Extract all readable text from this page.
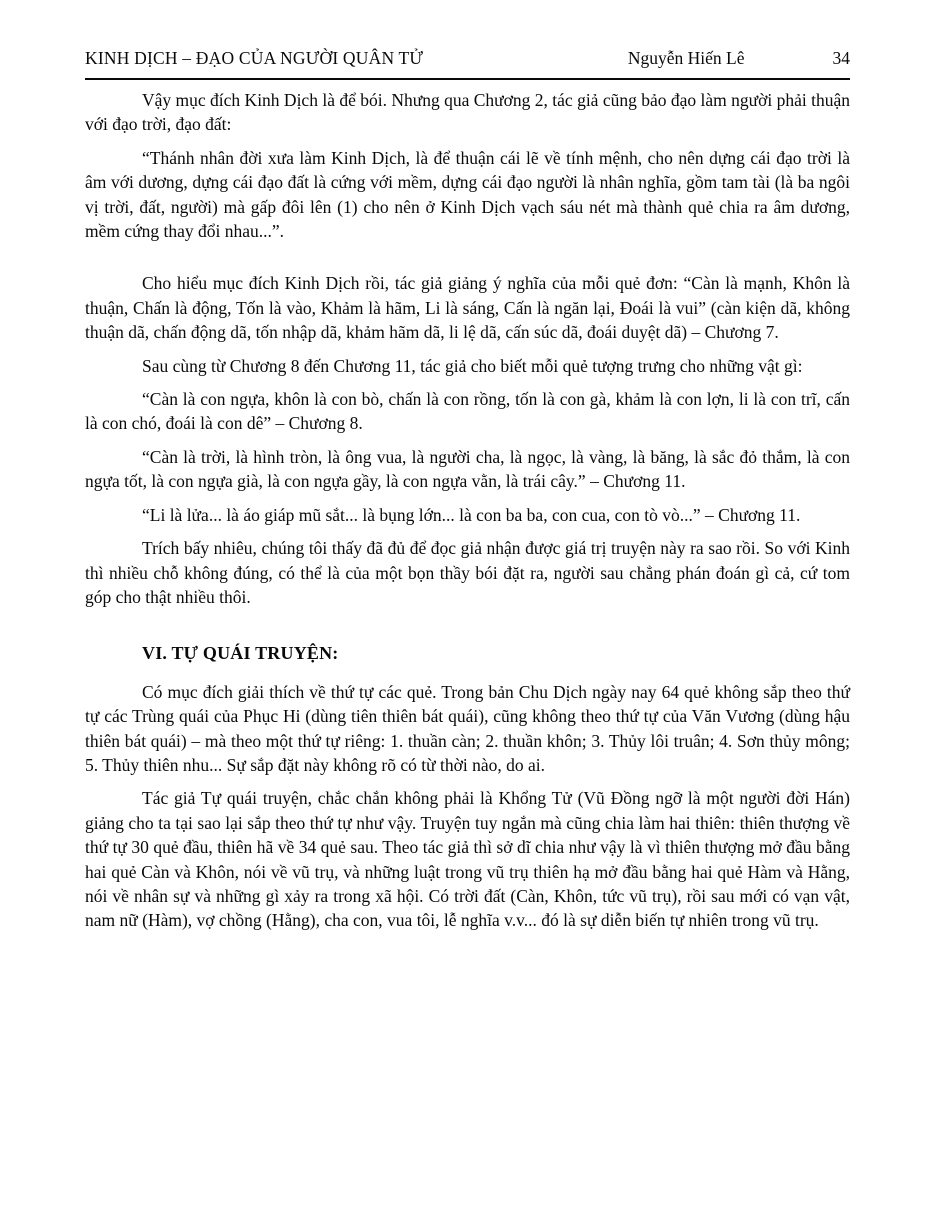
KINH DỊCH – ĐẠO CỦA NGƯỜI QUÂN TỬ	Nguyễn Hiến Lê	34

Vậy mục đích Kinh Dịch là để bói. Nhưng qua Chương 2, tác giả cũng bảo đạo làm người phải thuận với đạo trời, đạo đất:

“Thánh nhân đời xưa làm Kinh Dịch, là để thuận cái lẽ về tính mệnh, cho nên dựng cái đạo trời là âm với dương, dựng cái đạo đất là cứng với mềm, dựng cái đạo người là nhân nghĩa, gồm tam tài (là ba ngôi vị trời, đất, người) mà gấp đôi lên (1) cho nên ở Kinh Dịch vạch sáu nét mà thành quẻ chia ra âm dương, mềm cứng thay đổi nhau...”.

Cho hiểu mục đích Kinh Dịch rồi, tác giả giảng ý nghĩa của mỗi quẻ đơn: “Càn là mạnh, Khôn là thuận, Chấn là động, Tốn là vào, Khảm là hãm, Li là sáng, Cấn là ngăn lại, Đoái là vui” (càn kiện dã, không thuận dã, chấn động dã, tốn nhập dã, khảm hãm dã, li lệ dã, cấn súc dã, đoái duyệt dã) – Chương 7.

Sau cùng từ Chương 8 đến Chương 11, tác giả cho biết mỗi quẻ tượng trưng cho những vật gì:

“Càn là con ngựa, khôn là con bò, chấn là con rồng, tốn là con gà, khảm là con lợn, li là con trĩ, cấn là con chó, đoái là con dê” – Chương 8.

“Càn là trời, là hình tròn, là ông vua, là người cha, là ngọc, là vàng, là băng, là sắc đỏ thắm, là con ngựa tốt, là con ngựa già, là con ngựa gầy, là con ngựa vằn, là trái cây.” – Chương 11.

“Li là lửa... là áo giáp mũ sắt... là bụng lớn... là con ba ba, con cua, con tò vò...” – Chương 11.

Trích bấy nhiêu, chúng tôi thấy đã đủ để đọc giả nhận được giá trị truyện này ra sao rồi. So với Kinh thì nhiều chỗ không đúng, có thể là của một bọn thầy bói đặt ra, người sau chẳng phán đoán gì cả, cứ tom góp cho thật nhiều thôi.

VI. TỰ QUÁI TRUYỆN:

Có mục đích giải thích về thứ tự các quẻ. Trong bản Chu Dịch ngày nay 64 quẻ không sắp theo thứ tự các Trùng quái của Phục Hi (dùng tiên thiên bát quái), cũng không theo thứ tự của Văn Vương (dùng hậu thiên bát quái) – mà theo một thứ tự riêng: 1. thuần càn; 2. thuần khôn; 3. Thủy lôi truân; 4. Sơn thủy mông; 5. Thủy thiên nhu... Sự sắp đặt này không rõ có từ thời nào, do ai.

Tác giả Tự quái truyện, chắc chắn không phải là Khổng Tử (Vũ Đồng ngỡ là một người đời Hán) giảng cho ta tại sao lại sắp theo thứ tự như vậy. Truyện tuy ngắn mà cũng chia làm hai thiên: thiên thượng về thứ tự 30 quẻ đầu, thiên hã về 34 quẻ sau. Theo tác giả thì sở dĩ chia như vậy là vì thiên thượng mở đầu bằng hai quẻ Càn và Khôn, nói về vũ trụ, và những luật trong vũ trụ thiên hạ mở đầu bằng hai quẻ Hàm và Hằng, nói về nhân sự và những gì xảy ra trong xã hội. Có trời đất (Càn, Khôn, tức vũ trụ), rồi sau mới có vạn vật, nam nữ (Hàm), vợ chồng (Hằng), cha con, vua tôi, lễ nghĩa v.v... đó là sự diễn biến tự nhiên trong vũ trụ.
